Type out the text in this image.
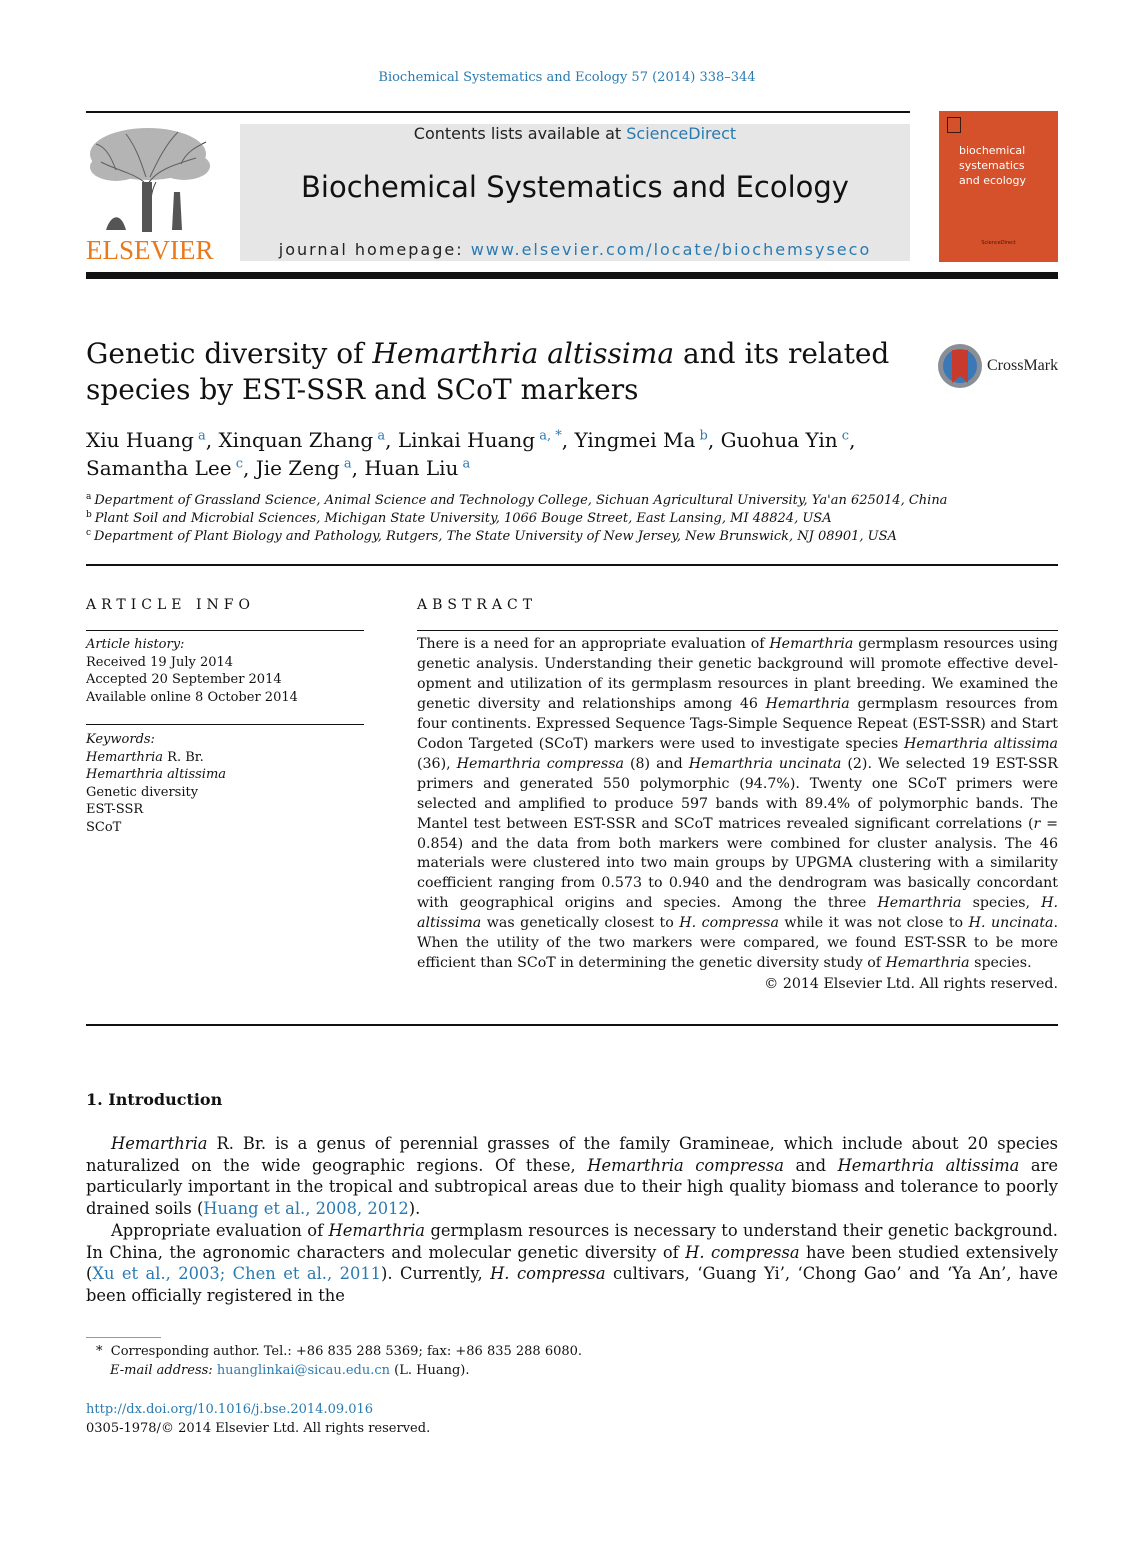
Biochemical Systematics and Ecology 57 (2014) 338–344
ELSEVIER
Contents lists available at ScienceDirect
Biochemical Systematics and Ecology
journal homepage: www.elsevier.com/locate/biochemsyseco
biochemical
systematics
and ecology
ScienceDirect
Genetic diversity of Hemarthria altissima and its related species by EST-SSR and SCoT markers
CrossMark
Xiu Huang $^a$, Xinquan Zhang $^a$, Linkai Huang $^{a, *}$, Yingmei Ma $^b$, Guohua Yin $^c$,
Samantha Lee $^c$, Jie Zeng $^a$, Huan Liu $^a$
$^a$ Department of Grassland Science, Animal Science and Technology College, Sichuan Agricultural University, Ya'an 625014, China
$^b$ Plant Soil and Microbial Sciences, Michigan State University, 1066 Bouge Street, East Lansing, MI 48824, USA
$^c$ Department of Plant Biology and Pathology, Rutgers, The State University of New Jersey, New Brunswick, NJ 08901, USA
ARTICLE INFO	ABSTRACT
Article history:
Received 19 July 2014
Accepted 20 September 2014
Available online 8 October 2014
Keywords:
Hemarthria R. Br.
Hemarthria altissima
Genetic diversity
EST-SSR
SCoT
There is a need for an appropriate evaluation of Hemarthria germplasm resources using genetic analysis. Understanding their genetic background will promote effective development and utilization of its germplasm resources in plant breeding. We examined the genetic diversity and relationships among 46 Hemarthria germplasm resources from four continents. Expressed Sequence Tags-Simple Sequence Repeat (EST-SSR) and Start Codon Targeted (SCoT) markers were used to investigate species Hemarthria altissima (36), Hemarthria compressa (8) and Hemarthria uncinata (2). We selected 19 EST-SSR primers and generated 550 polymorphic (94.7%). Twenty one SCoT primers were selected and amplified to produce 597 bands with 89.4% of polymorphic bands. The Mantel test between EST-SSR and SCoT matrices revealed significant correlations (r = 0.854) and the data from both markers were combined for cluster analysis. The 46 materials were clustered into two main groups by UPGMA clustering with a similarity coefficient ranging from 0.573 to 0.940 and the dendrogram was basically concordant with geographical origins and species. Among the three Hemarthria species, H. altissima was genetically closest to H. compressa while it was not close to H. uncinata. When the utility of the two markers were compared, we found EST-SSR to be more efficient than SCoT in determining the genetic diversity study of Hemarthria species.
© 2014 Elsevier Ltd. All rights reserved.
1. Introduction

Hemarthria R. Br. is a genus of perennial grasses of the family Gramineae, which include about 20 species naturalized on the wide geographic regions. Of these, Hemarthria compressa and Hemarthria altissima are particularly important in the tropical and subtropical areas due to their high quality biomass and tolerance to poorly drained soils (Huang et al., 2008, 2012).

Appropriate evaluation of Hemarthria germplasm resources is necessary to understand their genetic background. In China, the agronomic characters and molecular genetic diversity of H. compressa have been studied extensively (Xu et al., 2003; Chen et al., 2011). Currently, H. compressa cultivars, ‘Guang Yi’, ‘Chong Gao’ and ‘Ya An’, have been officially registered in the

*  Corresponding author. Tel.: +86 835 288 5369; fax: +86 835 288 6080.
E-mail address: huanglinkai@sicau.edu.cn (L. Huang).
http://dx.doi.org/10.1016/j.bse.2014.09.016
0305-1978/© 2014 Elsevier Ltd. All rights reserved.
